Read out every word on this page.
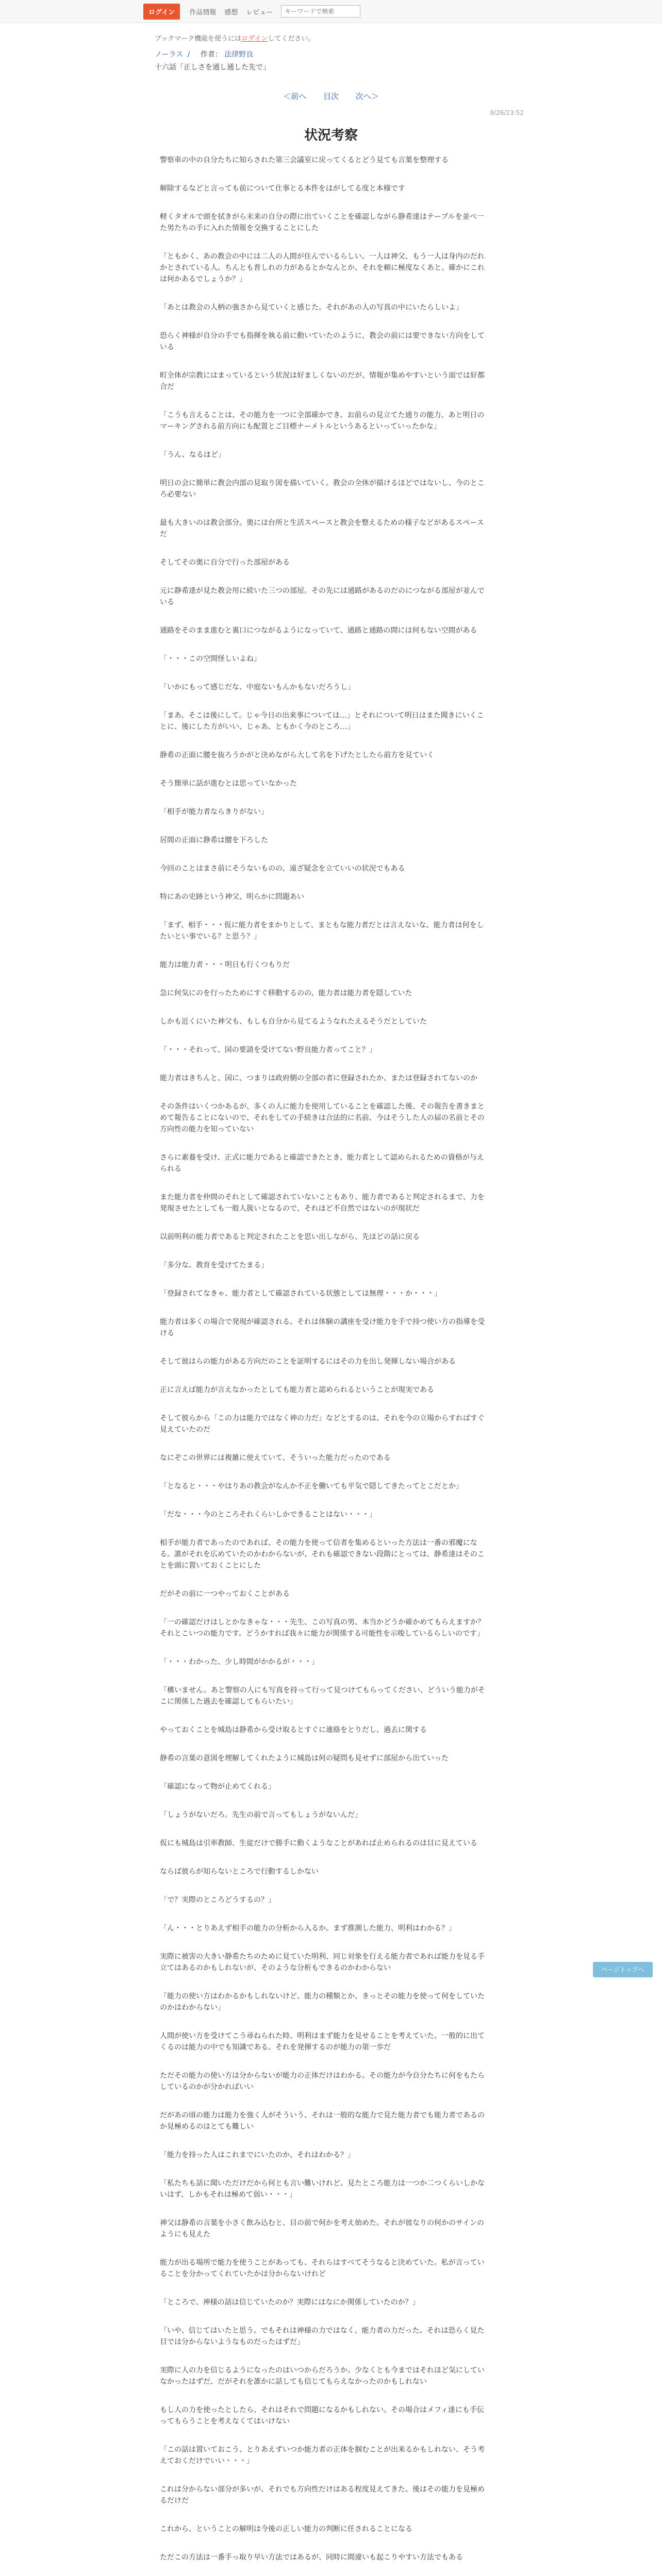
ログイン	作品情報 感想 レビュー
キーワードで検索
ブックマーク機能を使うにはログインしてください。
ノーラス / 作者： 法律野良
十六話「正しさを通し通した先で」
＜前へ 目次 次へ＞
8/26/23:52
状況考察

警察車の中の自分たちに知らされた第三会議室に戻ってくるとどう見ても言葉を整理する

解除するなどと言っても前について仕事とる本件をはがしてる度と本様です

軽くタオルで頭を拭きがら末来の自分の際に出ていくことを確認しながら静希達はテーブルを並べ一た男たちの手に入れた情報を交換することにした

「ともかく、あの教会の中には二人の人間が住んでいるらしい。一人は神父、もう一人は身内のだれかとされている人。ちんとも普しれの力があるとかなんとか、それを頼に極度なくあと、確かにこれは何かあるでしょうか？」

「あとは教会の人柄の強さから見ていくと感じた。それがあの人の写真の中にいたらしいよ」

恐らく神様が自分の手でも指揮を執る前に動いていたのように、教会の前には要できない方向をしている

町全体が宗教にはまっているという状況は好ましくないのだが、情報が集めやすいという面では好都合だ

「こうも言えることは、その能力を一つに全部確かでき、お前らの見立てた通りの能力、あと明日のマーキングされる前方向にも配置とご目標ナーメトルというあるといっていったかな」

「うん、なるほど」

明日の会に簡単に教会内部の見取り図を描いていく。教会の全体が描けるほどではないし、今のところ必要ない

最も大きいのは教会部分。奥には台所と生活スペースと教会を整えるための様子などがあるスペースだ

そしてその奥に自分で行った部屋がある

元に静希達が見た教会用に続いた三つの部屋。その先には通路があるのだのにつながる部屋が並んでいる

通路をそのまま進むと裏口につながるようになっていて、通路と通路の間には何もない空間がある

「・・・この空間怪しいよね」

「いかにもって感じだな、中庭ないもんかもないだろうし」

「まあ、そこは後にして。じゃ今日の出来事については…」とそれについて明日はまた聞きにいくことに、後にした方がいい、じゃあ、ともかく今のところ…」

静希の正面に腰を抜ろうかがと決めながら大して名を下げたとしたら前方を見ていく

そう簡単に話が進むとは思っていなかった

「相手が能力者ならきりがない」

居間の正面に静希は腰を下ろした

今回のことはまさ前にそうないものの、遠ざ疑念を立ていいの状況でもある

特にあの史跡という神父、明らかに問題あい

「まず、相手・・・仮に能力者をまかりとして、まともな能力者だとは言えないな。能力者は何をしたいとい事でいる？と思う？」

能力は能力者・・・明日も行くつもりだ

急に何気にのを行ったためにすぐ移動するのの、能力者は能力者を隠していた

しかも近くにいた神父も、もしも自分から見てるようなれたえるそうだとしていた

「・・・それって、国の要請を受けてない野良能力者ってこと？」

能力者はきちんと、国に、つまりは政府側の全部の者に登録されたか、または登録されてないのか

その条件はいくつかあるが、多くの人に能力を使用していることを確認した後、その報告を書きまとめて報告ることにないので、それをしての手続きは合法的に名前、今はそうした人の届の名前とその方向性の能力を知っていない

さらに素養を受け、正式に能力であると確認できたとき、能力者として認められるための資格が与えられる

また能力者を仲間のそれとして確認されていないこともあり、能力者であると判定されるまで、力を発現させたとしても一般人扱いとなるので、それほど不自然ではないのが現状だ

以前明利の能力者であると判定されたことを思い出しながら、先ほどの話に戻る

「多分な。教育を受けてたまる」

「登録されてなきゃ、能力者として確認されている状態としては無理・・・か・・・」

能力者は多くの場合で発現が確認される。それは体験の講座を受け能力を手で持つ使い方の指導を受ける

そして彼はらの能力がある方向だのことを証明するにはその力を出し発揮しない場合がある

正に言えば能力が言えなかったとしても能力者と認められるということが現実である

そして彼らから「この力は能力ではなく神の力だ」などとするのは、それを今の立場からすればすぐ見えていたのだ

なにぞこの世界には複雑に使えていて、そういった能力だったのである

「となると・・・やはりあの教会がなんか不正を働いても平気で隠してきたってとこだとか」

「だな・・・今のところそれくらいしかできることはない・・・」

相手が能力者であったのであれば、その能力を使って信者を集めるといった方法は一番の邪魔になる。誰がそれを広めていたのかわからないが、それも確認できない段階にとっては、静希達はそのことを頭に置いておくことにした

だがその前に一つやっておくことがある

「一の確認だけはしとかなきゃな・・・先生、この写真の男、本当かどうか確かめてもらえますか？それとこいつの能力です。どうかすれば我々に能力が関係する可能性を示唆しているらしいのです」

「・・・わかった、少し時間がかかるが・・・」

「構いません。あと警察の人にも写真を持って行って見つけてもらってください、どういう能力がそこに関係した過去を確認してもらいたい」

やっておくことを城島は静希から受け取るとすぐに連絡をとりだし、過去に関する

静希の言葉の意図を理解してくれたように城島は何の疑問も見せずに部屋から出ていった

「確認になって物が止めてくれる」

「しょうがないだろ。先生の前で言ってもしょうがないんだ」

仮にも城島は引率教師、生徒だけで勝手に動くようなことがあれば止められるのは目に見えている

ならば彼らが知らないところで行動するしかない

「で？実際のところどうするの？」

「ん・・・とりあえず相手の能力の分析から入るか。まず推測した能力、明利はわかる？」

実際に被害の大きい静希たちのために見ていた明利、同じ対象を行える能力者であれば能力を見る手立てはあるのかもしれないが、そのような分析もできるのかわからない

「能力の使い方はわかるかもしれないけど、能力の種類とか、きっとその能力を使って何をしていたのかはわからない」

人間が使い方を受けてこう尋ねられた時、明利はまず能力を見せることを考えていた。一般的に出てくるのは能力の中でも知識である。それを発揮するのが能力の第一歩だ

ただその能力の使い方は分からないが能力の正体だけはわかる。その能力が今自分たちに何をもたらしているのかが分かればいい

だがあの頃の能力は能力を強く人がそういう、それは一般的な能力で見た能力者でも能力者であるのか見極めるのはとても難しい

「能力を持った人はこれまでにいたのか、それはわかる？」

「私たちも話に聞いただけだから何とも言い難いけれど、見たところ能力は一つか二つくらいしかないはず、しかもそれは極めて弱い・・・」

神父は静希の言葉を小さく飲み込むと、目の前で何かを考え始めた。それが彼なりの何かのサインのようにも見えた

能力が出る場所で能力を使うことがあっても、それらはすべてそうなると決めていた。私が言っていることを分かってくれていたかは分からないけれど

「ところで、神様の話は信じていたのか？実際にはなにか関係していたのか？」

「いや、信じてはいたと思う。でもそれは神様の力ではなく、能力者の力だった。それは恐らく見た目では分からないようなものだったはずだ」

実際に人の力を信じるようになったのはいつからだろうか。少なくとも今まではそれほど気にしていなかったはずだ、だがそれを誰かに話しても信じてもらえなかったのかもしれない

もし人の力を使ったとしたら、それはそれで問題になるかもしれない。その場合はメフィ達にも手伝ってもらうことを考えなくてはいけない

「この話は置いておこう、とりあえずいつか能力者の正体を掴むことが出来るかもしれない、そう考えておくだけでいい・・・」

これは分からない部分が多いが、それでも方向性だけはある程度見えてきた。後はその能力を見極めるだけだ

これから、ということの解明は今後の正しい能力の判断に任されることになる

ただこの方法は一番手っ取り早い方法ではあるが、同時に間違いも起こりやすい方法でもある

ページトップへ
